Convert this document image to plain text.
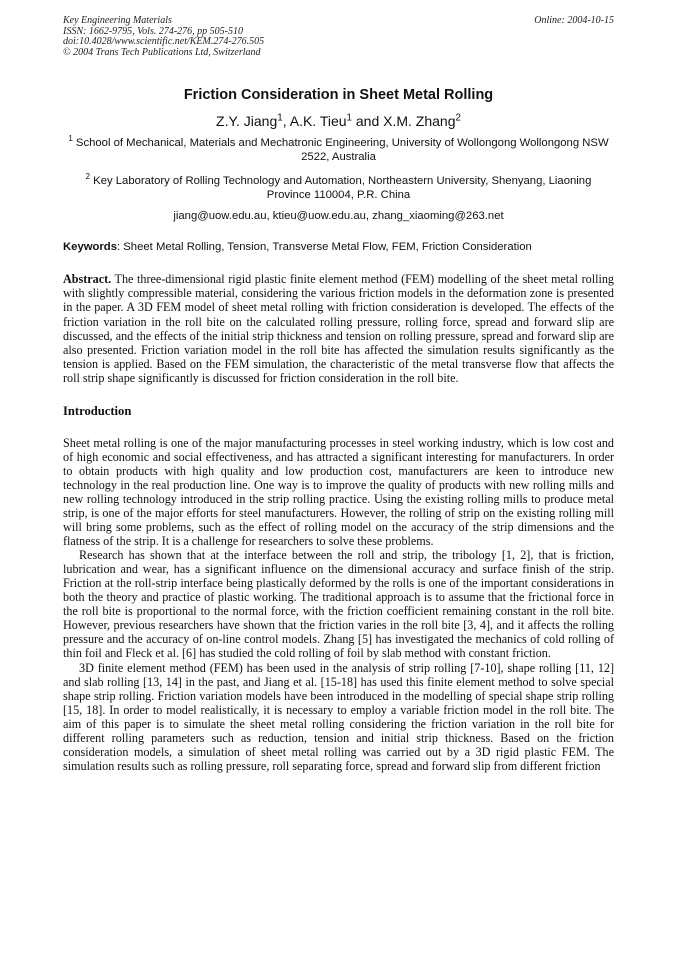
Key Engineering Materials
ISSN: 1662-9795, Vols. 274-276, pp 505-510
doi:10.4028/www.scientific.net/KEM.274-276.505
© 2004 Trans Tech Publications Ltd, Switzerland
Online: 2004-10-15
Friction Consideration in Sheet Metal Rolling
Z.Y. Jiang$^1$, A.K. Tieu$^1$ and X.M. Zhang$^2$
$^1$ School of Mechanical, Materials and Mechatronic Engineering, University of Wollongong Wollongong NSW 2522, Australia
$^2$ Key Laboratory of Rolling Technology and Automation, Northeastern University, Shenyang, Liaoning Province 110004, P.R. China
jiang@uow.edu.au, ktieu@uow.edu.au, zhang_xiaoming@263.net
Keywords: Sheet Metal Rolling, Tension, Transverse Metal Flow, FEM, Friction Consideration
Abstract. The three-dimensional rigid plastic finite element method (FEM) modelling of the sheet metal rolling with slightly compressible material, considering the various friction models in the deformation zone is presented in the paper. A 3D FEM model of sheet metal rolling with friction consideration is developed. The effects of the friction variation in the roll bite on the calculated rolling pressure, rolling force, spread and forward slip are discussed, and the effects of the initial strip thickness and tension on rolling pressure, spread and forward slip are also presented. Friction variation model in the roll bite has affected the simulation results significantly as the tension is applied. Based on the FEM simulation, the characteristic of the metal transverse flow that affects the roll strip shape significantly is discussed for friction consideration in the roll bite.
Introduction
Sheet metal rolling is one of the major manufacturing processes in steel working industry, which is low cost and of high economic and social effectiveness, and has attracted a significant interesting for manufacturers. In order to obtain products with high quality and low production cost, manufacturers are keen to introduce new technology in the real production line. One way is to improve the quality of products with new rolling mills and new rolling technology introduced in the strip rolling practice. Using the existing rolling mills to produce metal strip, is one of the major efforts for steel manufacturers. However, the rolling of strip on the existing rolling mill will bring some problems, such as the effect of rolling model on the accuracy of the strip dimensions and the flatness of the strip. It is a challenge for researchers to solve these problems.
Research has shown that at the interface between the roll and strip, the tribology [1, 2], that is friction, lubrication and wear, has a significant influence on the dimensional accuracy and surface finish of the strip. Friction at the roll-strip interface being plastically deformed by the rolls is one of the important considerations in both the theory and practice of plastic working. The traditional approach is to assume that the frictional force in the roll bite is proportional to the normal force, with the friction coefficient remaining constant in the roll bite. However, previous researchers have shown that the friction varies in the roll bite [3, 4], and it affects the rolling pressure and the accuracy of on-line control models. Zhang [5] has investigated the mechanics of cold rolling of thin foil and Fleck et al. [6] has studied the cold rolling of foil by slab method with constant friction.
3D finite element method (FEM) has been used in the analysis of strip rolling [7-10], shape rolling [11, 12] and slab rolling [13, 14] in the past, and Jiang et al. [15-18] has used this finite element method to solve special shape strip rolling. Friction variation models have been introduced in the modelling of special shape strip rolling [15, 18]. In order to model realistically, it is necessary to employ a variable friction model in the roll bite. The aim of this paper is to simulate the sheet metal rolling considering the friction variation in the roll bite for different rolling parameters such as reduction, tension and initial strip thickness. Based on the friction consideration models, a simulation of sheet metal rolling was carried out by a 3D rigid plastic FEM. The simulation results such as rolling pressure, roll separating force, spread and forward slip from different friction
